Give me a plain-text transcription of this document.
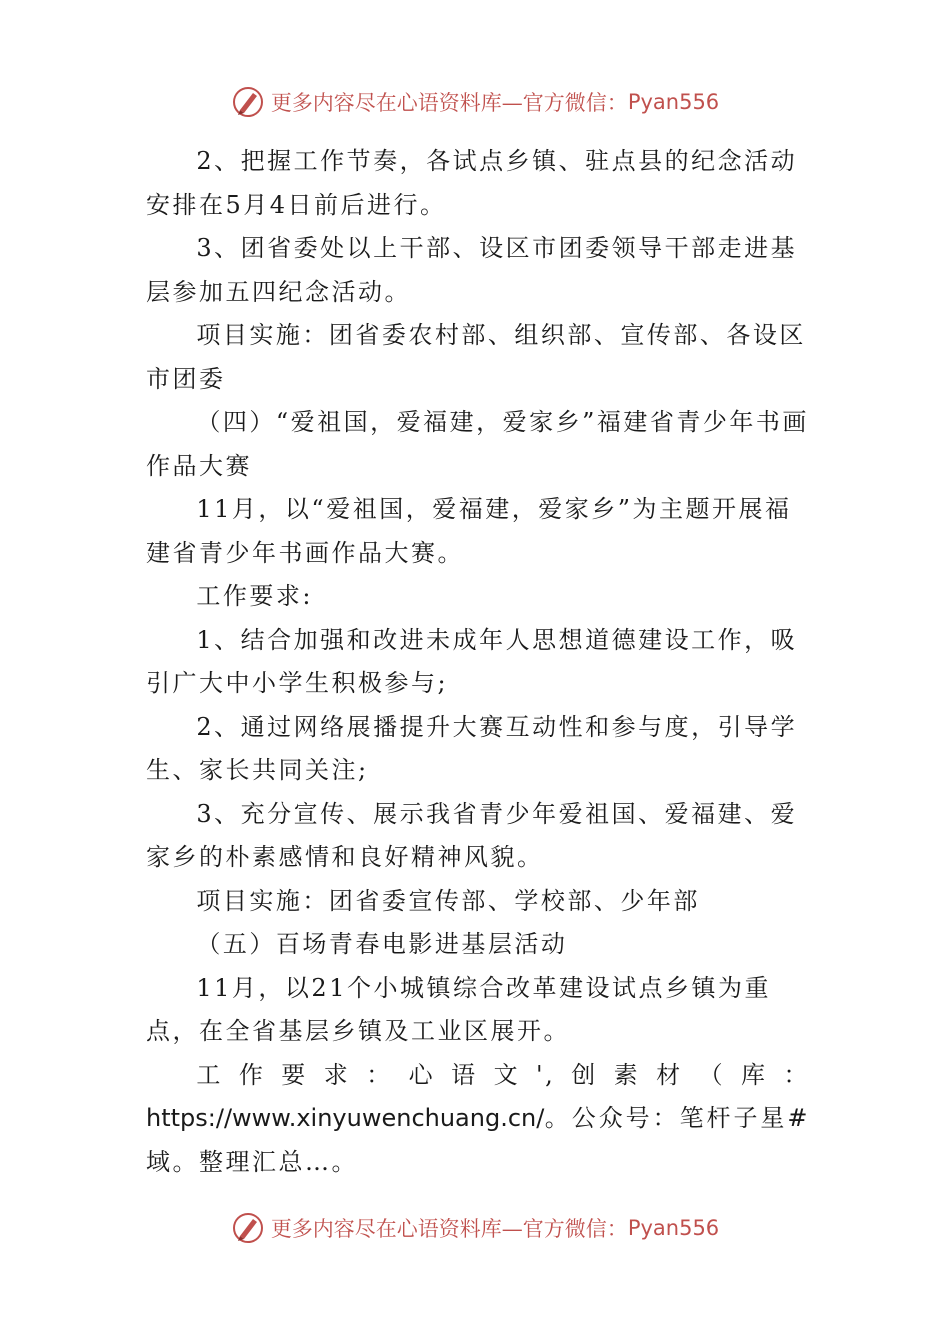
更多内容尽在心语资料库—官方微信： Pyan556

2、把握工作节奏，各试点乡镇、驻点县的纪念活动安排在5月4日前后进行。

3、团省委处以上干部、设区市团委领导干部走进基层参加五四纪念活动。

项目实施：团省委农村部、组织部、宣传部、各设区市团委

（四）“爱祖国，爱福建，爱家乡”福建省青少年书画作品大赛

11月，以“爱祖国，爱福建，爱家乡”为主题开展福建省青少年书画作品大赛。

工作要求:

1、结合加强和改进未成年人思想道德建设工作，吸引广大中小学生积极参与;

2、通过网络展播提升大赛互动性和参与度，引导学生、家长共同关注;

3、充分宣传、展示我省青少年爱祖国、爱福建、爱家乡的朴素感情和良好精神风貌。

项目实施：团省委宣传部、学校部、少年部

（五）百场青春电影进基层活动

11月，以21个小城镇综合改革建设试点乡镇为重点，在全省基层乡镇及工业区展开。

工作要求：心语文',创素材（库：https://www.xinyuwenchuang.cn/。公众号：笔杆子星#域。整理汇总…。

更多内容尽在心语资料库—官方微信： Pyan556
